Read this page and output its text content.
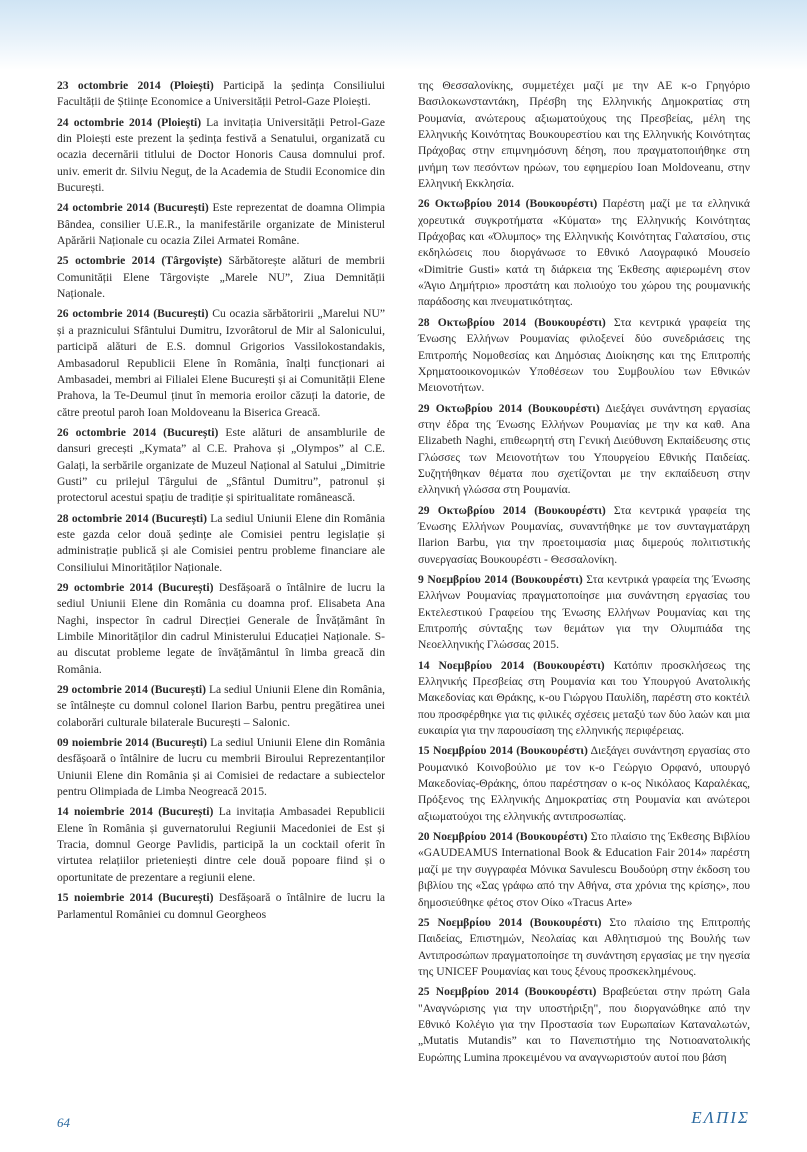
23 octombrie 2014 (Ploiești) Participă la ședința Consiliului Facultății de Științe Economice a Universității Petrol-Gaze Ploiești.

24 octombrie 2014 (Ploiești) La invitația Universității Petrol-Gaze din Ploiești este prezent la ședința festivă a Senatului, organizată cu ocazia decernării titlului de Doctor Honoris Causa domnului prof. univ. emerit dr. Silviu Neguț, de la Academia de Studii Economice din București.

24 octombrie 2014 (București) Este reprezentat de doamna Olimpia Bândea, consilier U.E.R., la manifestările organizate de Ministerul Apărării Naționale cu ocazia Zilei Armatei Române.

25 octombrie 2014 (Târgoviște) Sărbătorește alături de membrii Comunității Elene Târgoviște „Marele NU”, Ziua Demnității Naționale.

26 octombrie 2014 (București) Cu ocazia sărbătoririi „Marelui NU” și a praznicului Sfântului Dumitru, Izvorâtorul de Mir al Salonicului, participă alături de E.S. domnul Grigorios Vassilokostandakis, Ambasadorul Republicii Elene în România, înalți funcționari ai Ambasadei, membri ai Filialei Elene București și ai Comunității Elene Prahova, la Te-Deumul ținut în memoria eroilor căzuți la datorie, de către preotul paroh Ioan Moldoveanu la Biserica Greacă.

26 octombrie 2014 (București) Este alături de ansamblurile de dansuri grecești „Kymata” al C.E. Prahova și „Olympos” al C.E. Galați, la serbările organizate de Muzeul Național al Satului „Dimitrie Gusti” cu prilejul Târgului de „Sfântul Dumitru”, patronul și protectorul acestui spațiu de tradiție și spiritualitate românească.

28 octombrie 2014 (București) La sediul Uniunii Elene din România este gazda celor două ședințe ale Comisiei pentru legislație și administrație publică și ale Comisiei pentru probleme financiare ale Consiliului Minorităților Naționale.

29 octombrie 2014 (București) Desfășoară o întâlnire de lucru la sediul Uniunii Elene din România cu doamna prof. Elisabeta Ana Naghi, inspector în cadrul Direcției Generale de Învățământ în Limbile Minorităților din cadrul Ministerului Educației Naționale. S-au discutat probleme legate de învățământul în limba greacă din România.

29 octombrie 2014 (București) La sediul Uniunii Elene din România, se întâlnește cu domnul colonel Ilarion Barbu, pentru pregătirea unei colaborări culturale bilaterale București – Salonic.

09 noiembrie 2014 (București) La sediul Uniunii Elene din România desfășoară o întâlnire de lucru cu membrii Biroului Reprezentanților Uniunii Elene din România și ai Comisiei de redactare a subiectelor pentru Olimpiada de Limba Neogreacă 2015.

14 noiembrie 2014 (București) La invitația Ambasadei Republicii Elene în România și guvernatorului Regiunii Macedoniei de Est și Tracia, domnul George Pavlidis, participă la un cocktail oferit în virtutea relațiilor prieteniești dintre cele două popoare fiind și o oportunitate de prezentare a regiunii elene.

15 noiembrie 2014 (București) Desfășoară o întâlnire de lucru la Parlamentul României cu domnul Georgheos

της Θεσσαλονίκης, συμμετέχει μαζί με την ΑΕ κ-ο Γρηγόριο Βασιλοκωνσταντάκη, Πρέσβη της Ελληνικής Δημοκρατίας στη Ρουμανία, ανώτερους αξιωματούχους της Πρεσβείας, μέλη της Ελληνικής Κοινότητας Βουκουρεστίου και της Ελληνικής Κοινότητας Πράχοβας στην επιμνημόσυνη δέηση, που πραγματοποιήθηκε στη μνήμη των πεσόντων ηρώων, του εφημερίου Ioan Moldoveanu, στην Ελληνική Εκκλησία.

26 Οκτωβρίου 2014 (Βουκουρέστι) Παρέστη μαζί με τα ελληνικά χορευτικά συγκροτήματα «Κύματα» της Ελληνικής Κοινότητας Πράχοβας και «Όλυμπος» της Ελληνικής Κοινότητας Γαλατσίου, στις εκδηλώσεις που διοργάνωσε το Εθνικό Λαογραφικό Μουσείο «Dimitrie Gusti» κατά τη διάρκεια της Έκθεσης αφιερωμένη στον «Άγιο Δημήτριο» προστάτη και πολιούχο του χώρου της ρουμανικής παράδοσης και πνευματικότητας.

28 Οκτωβρίου 2014 (Βουκουρέστι) Στα κεντρικά γραφεία της Ένωσης Ελλήνων Ρουμανίας φιλοξενεί δύο συνεδριάσεις της Επιτροπής Νομοθεσίας και Δημόσιας Διοίκησης και της Επιτροπής Χρηματοοικονομικών Υποθέσεων του Συμβουλίου των Εθνικών Μειονοτήτων.

29 Οκτωβρίου 2014 (Βουκουρέστι) Διεξάγει συνάντηση εργασίας στην έδρα της Ένωσης Ελλήνων Ρουμανίας με την κα καθ. Ana Elizabeth Naghi, επιθεωρητή στη Γενική Διεύθυνση Εκπαίδευσης στις Γλώσσες των Μειονοτήτων του Υπουργείου Εθνικής Παιδείας. Συζητήθηκαν θέματα που σχετίζονται με την εκπαίδευση στην ελληνική γλώσσα στη Ρουμανία.

29 Οκτωβρίου 2014 (Βουκουρέστι) Στα κεντρικά γραφεία της Ένωσης Ελλήνων Ρουμανίας, συναντήθηκε με τον συνταγματάρχη Ilarion Barbu, για την προετοιμασία μιας διμερούς πολιτιστικής συνεργασίας Βουκουρέστι - Θεσσαλονίκη.

9 Νοεμβρίου 2014 (Βουκουρέστι) Στα κεντρικά γραφεία της Ένωσης Ελλήνων Ρουμανίας πραγματοποίησε μια συνάντηση εργασίας του Εκτελεστικού Γραφείου της Ένωσης Ελλήνων Ρουμανίας και της Επιτροπής σύνταξης των θεμάτων για την Ολυμπιάδα της Νεοελληνικής Γλώσσας 2015.

14 Νοεμβρίου 2014 (Βουκουρέστι) Κατόπιν προσκλήσεως της Ελληνικής Πρεσβείας στη Ρουμανία και του Υπουργού Ανατολικής Μακεδονίας και Θράκης, κ-ου Γιώργου Παυλίδη, παρέστη στο κοκτέιλ που προσφέρθηκε για τις φιλικές σχέσεις μεταξύ των δύο λαών και μια ευκαιρία για την παρουσίαση της ελληνικής περιφέρειας.

15 Νοεμβρίου 2014 (Βουκουρέστι) Διεξάγει συνάντηση εργασίας στο Ρουμανικό Κοινοβούλιο με τον κ-ο Γεώργιο Ορφανό, υπουργό Μακεδονίας-Θράκης, όπου παρέστησαν ο κ-ος Νικόλαος Καραλέκας, Πρόξενος της Ελληνικής Δημοκρατίας στη Ρουμανία και ανώτεροι αξιωματούχοι της ελληνικής αντιπροσωπίας.

20 Νοεμβρίου 2014 (Βουκουρέστι) Στο πλαίσιο της Έκθεσης Βιβλίου «GAUDEAMUS International Book & Education Fair 2014» παρέστη μαζί με την συγγραφέα Μόνικα Savulescu Βουδούρη στην έκδοση του βιβλίου της «Σας γράφω από την Αθήνα, στα χρόνια της κρίσης», που δημοσιεύθηκε φέτος στον Οίκο «Tracus Arte»

25 Νοεμβρίου 2014 (Βουκουρέστι) Στο πλαίσιο της Επιτροπής Παιδείας, Επιστημών, Νεολαίας και Αθλητισμού της Βουλής των Αντιπροσώπων πραγματοποίησε τη συνάντηση εργασίας με την ηγεσία της UNICEF Ρουμανίας και τους ξένους προσκεκλημένους.

25 Νοεμβρίου 2014 (Βουκουρέστι) Βραβεύεται στην πρώτη Gala "Αναγνώρισης για την υποστήριξη", που διοργανώθηκε από την Εθνικό Κολέγιο για την Προστασία των Ευρωπαίων Καταναλωτών, „Mutatis Mutandis” και το Πανεπιστήμιο της Νοτιοανατολικής Ευρώπης Lumina προκειμένου να αναγνωριστούν αυτοί που βάση

64	ΕΛΠΙΣ
